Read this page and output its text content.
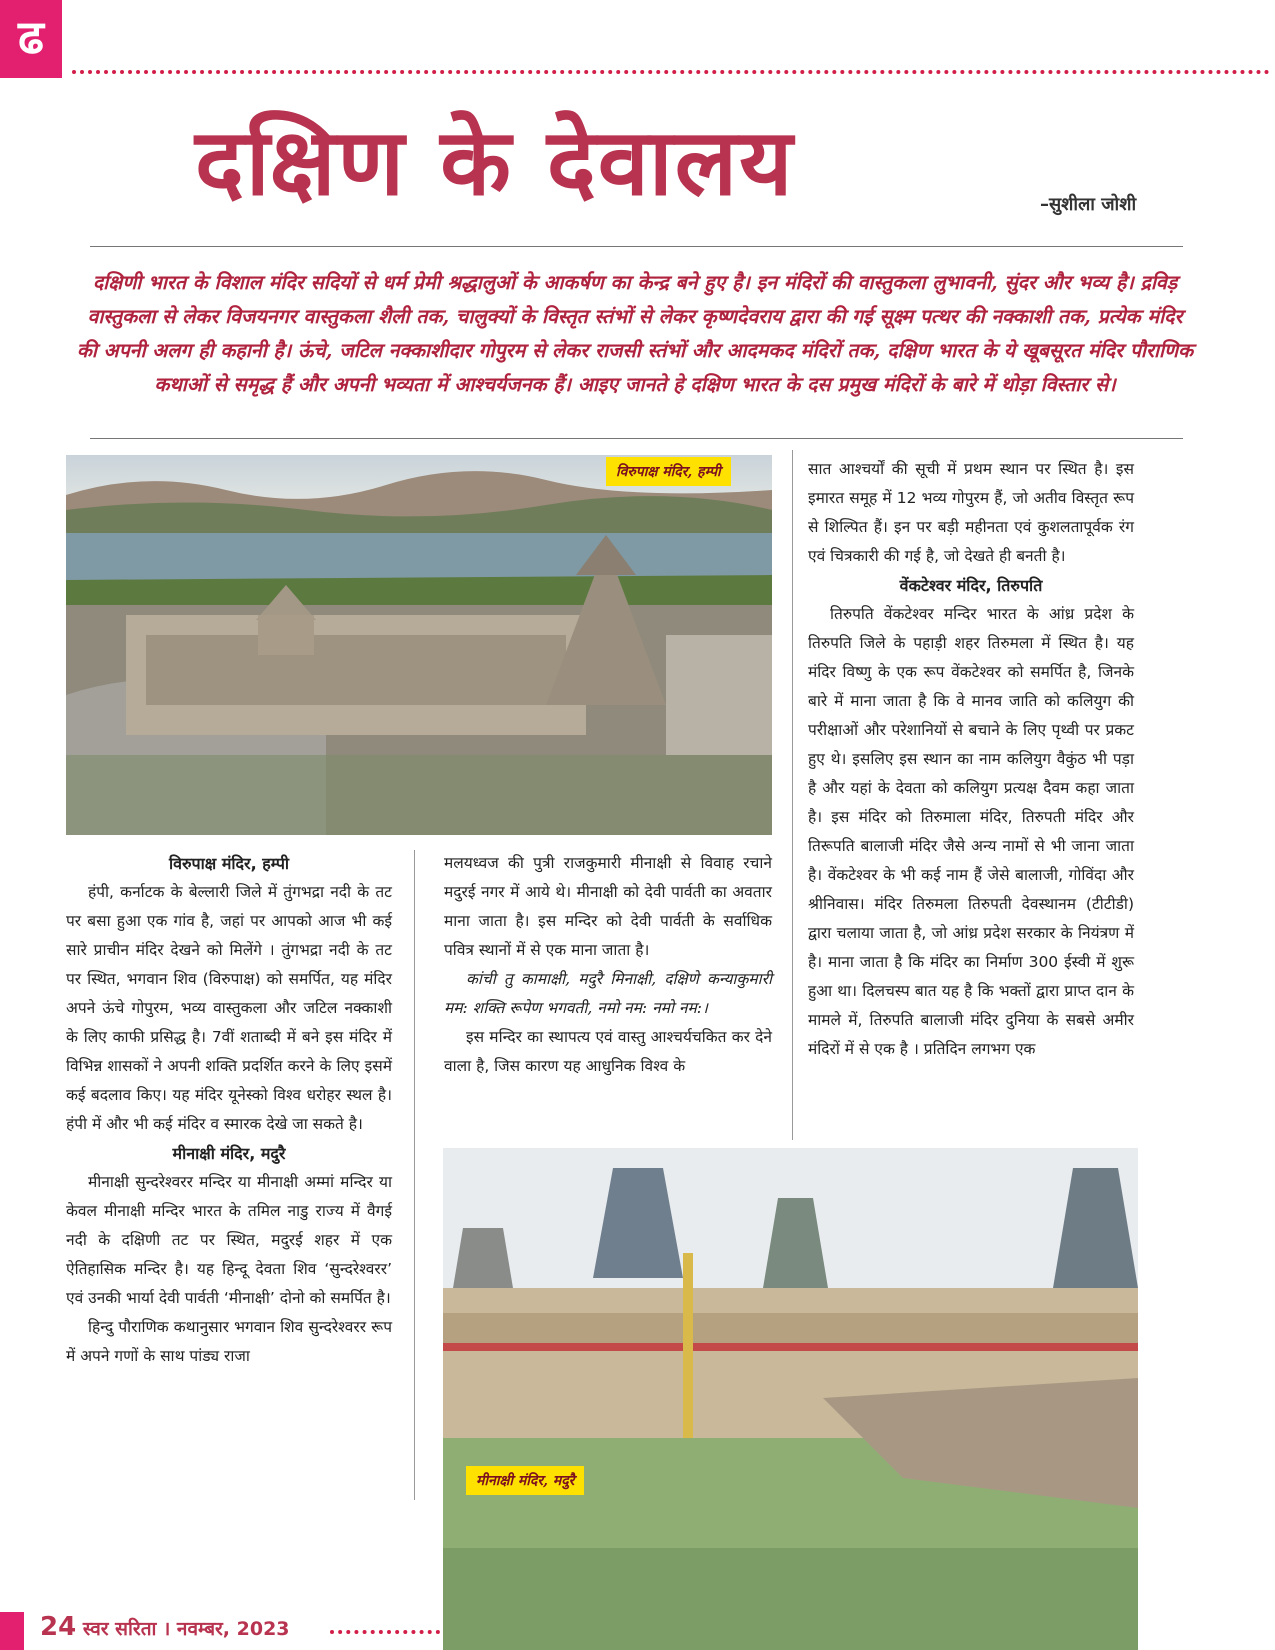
ढ
दक्षिण के देवालय	–सुशीला जोशी
दक्षिणी भारत के विशाल मंदिर सदियों से धर्म प्रेमी श्रद्धालुओं के आकर्षण का केन्द्र बने हुए है। इन मंदिरों की वास्तुकला लुभावनी, सुंदर और भव्य है। द्रविड़ वास्तुकला से लेकर विजयनगर वास्तुकला शैली तक, चालुक्यों के विस्तृत स्तंभों से लेकर कृष्णदेवराय द्वारा की गई सूक्ष्म पत्थर की नक्काशी तक, प्रत्येक मंदिर की अपनी अलग ही कहानी है। ऊंचे, जटिल नक्काशीदार गोपुरम से लेकर राजसी स्तंभों और आदमकद मंदिरों तक, दक्षिण भारत के ये खूबसूरत मंदिर पौराणिक कथाओं से समृद्ध हैं और अपनी भव्यता में आश्चर्यजनक हैं। आइए जानते हे दक्षिण भारत के दस प्रमुख मंदिरों के बारे में थोड़ा विस्तार से।
विरुपाक्ष मंदिर, हम्पी
विरुपाक्ष मंदिर, हम्पी

हंपी, कर्नाटक के बेल्लारी जिले में तुंगभद्रा नदी के तट पर बसा हुआ एक गांव है, जहां पर आपको आज भी कई सारे प्राचीन मंदिर देखने को मिलेंगे । तुंगभद्रा नदी के तट पर स्थित, भगवान शिव (विरुपाक्ष) को समर्पित, यह मंदिर अपने ऊंचे गोपुरम, भव्य वास्तुकला और जटिल नक्काशी के लिए काफी प्रसिद्ध है। 7वीं शताब्दी में बने इस मंदिर में विभिन्न शासकों ने अपनी शक्ति प्रदर्शित करने के लिए इसमें कई बदलाव किए। यह मंदिर यूनेस्को विश्व धरोहर स्थल है। हंपी में और भी कई मंदिर व स्मारक देखे जा सकते है।

मीनाक्षी मंदिर, मदुरै

मीनाक्षी सुन्दरेश्वरर मन्दिर या मीनाक्षी अम्मां मन्दिर या केवल मीनाक्षी मन्दिर भारत के तमिल नाडु राज्य में वैगई नदी के दक्षिणी तट पर स्थित, मदुरई शहर में एक ऐतिहासिक मन्दिर है। यह हिन्दू देवता शिव ‘सुन्दरेश्वरर’ एवं उनकी भार्या देवी पार्वती ‘मीनाक्षी’ दोनो को समर्पित है।

हिन्दु पौराणिक कथानुसार भगवान शिव सुन्दरेश्वरर रूप में अपने गणों के साथ पांड्य राजा

मलयध्वज की पुत्री राजकुमारी मीनाक्षी से विवाह रचाने मदुरई नगर में आये थे। मीनाक्षी को देवी पार्वती का अवतार माना जाता है। इस मन्दिर को देवी पार्वती के सर्वाधिक पवित्र स्थानों में से एक माना जाता है।

कांची तु कामाक्षी, मदुरै मिनाक्षी, दक्षिणे कन्याकुमारी मम: शक्ति रूपेण भगवती, नमो नम: नमो नम:।

इस मन्दिर का स्थापत्य एवं वास्तु आश्चर्यचकित कर देने वाला है, जिस कारण यह आधुनिक विश्व के

सात आश्चर्यों की सूची में प्रथम स्थान पर स्थित है। इस इमारत समूह में 12 भव्य गोपुरम हैं, जो अतीव विस्तृत रूप से शिल्पित हैं। इन पर बड़ी महीनता एवं कुशलतापूर्वक रंग एवं चित्रकारी की गई है, जो देखते ही बनती है।

वेंकटेश्वर मंदिर, तिरुपति

तिरुपति वेंकटेश्वर मन्दिर भारत के आंध्र प्रदेश के तिरुपति जिले के पहाड़ी शहर तिरुमला में स्थित है। यह मंदिर विष्णु के एक रूप वेंकटेश्वर को समर्पित है, जिनके बारे में माना जाता है कि वे मानव जाति को कलियुग की परीक्षाओं और परेशानियों से बचाने के लिए पृथ्वी पर प्रकट हुए थे। इसलिए इस स्थान का नाम कलियुग वैकुंठ भी पड़ा है और यहां के देवता को कलियुग प्रत्यक्ष दैवम कहा जाता है। इस मंदिर को तिरुमाला मंदिर, तिरुपती मंदिर और तिरूपति बालाजी मंदिर जैसे अन्य नामों से भी जाना जाता है। वेंकटेश्वर के भी कई नाम हैं जेसे बालाजी, गोविंदा और श्रीनिवास। मंदिर तिरुमला तिरुपती देवस्थानम (टीटीडी) द्वारा चलाया जाता है, जो आंध्र प्रदेश सरकार के नियंत्रण में है। माना जाता है कि मंदिर का निर्माण 300 ईस्वी में शुरू हुआ था। दिलचस्प बात यह है कि भक्तों द्वारा प्राप्त दान के मामले में, तिरुपति बालाजी मंदिर दुनिया के सबसे अमीर मंदिरों में से एक है । प्रतिदिन लगभग एक

मीनाक्षी मंदिर, मदुरै
24 स्वर सरिता । नवम्बर, 2023
